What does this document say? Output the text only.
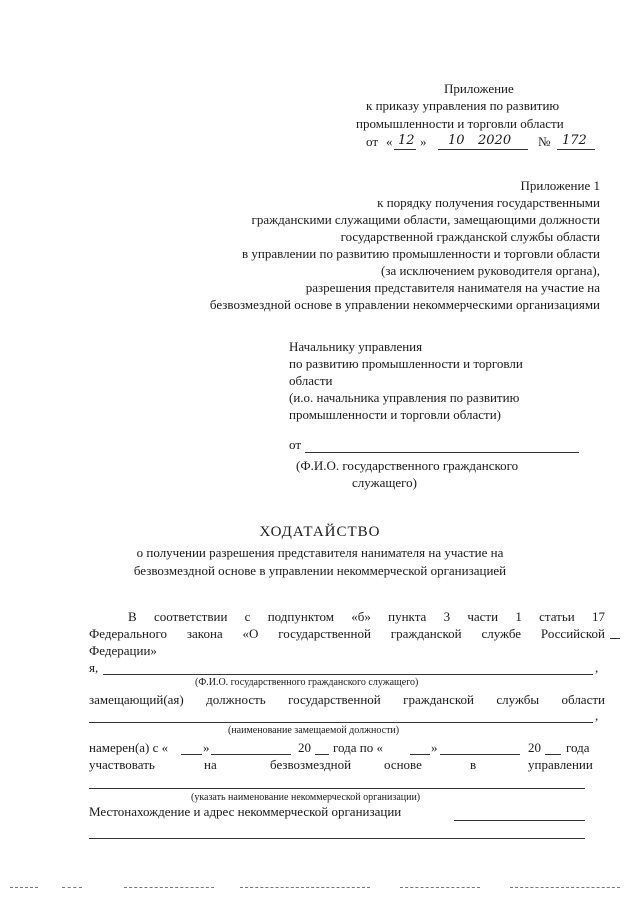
Приложение
к приказу управления по развитию
промышленности и торговли области
от « 12 » 10 2020 № 172
Приложение 1
к порядку получения государственными
гражданскими служащими области, замещающими должности
государственной гражданской службы области
в управлении по развитию промышленности и торговли области
(за исключением руководителя органа),
разрешения представителя нанимателя на участие на
безвозмездной основе в управлении некоммерческими организациями
Начальнику управления
по развитию промышленности и торговли
области
(и.о. начальника управления по развитию
промышленности и торговли области)
от
(Ф.И.О. государственного гражданского
служащего)
ХОДАТАЙСТВО
о получении разрешения представителя нанимателя на участие на
безвозмездной основе в управлении некоммерческой организацией
В соответствии с подпунктом «б» пункта 3 части 1 статьи 17
Федерального закона «О государственной гражданской службе Российской
Федерации»
я,	,
(Ф.И.О. государственного гражданского служащего)
замещающий(ая) должность государственной гражданской службы области
,
(наименование замещаемой должности)
намерен(а) с «	»	20 года по «	»	20 года
участвовать	на	безвозмездной	основе	в	управлении
(указать наименование некоммерческой организации)
Местонахождение и адрес некоммерческой организации
